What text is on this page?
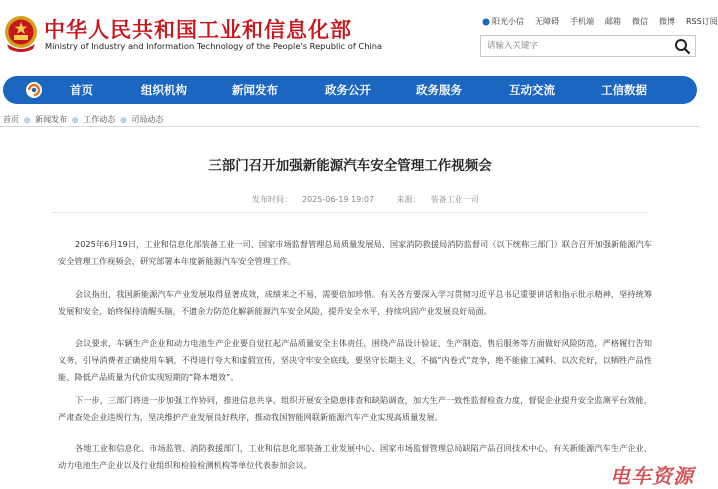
中华人民共和国工业和信息化部
Ministry of Industry and Information Technology of the People's Republic of China
阳光小信 无障碍 手机端 邮箱 微信 微博 RSS订阅
请输入关键字
首页	组织机构	新闻发布	政务公开	政务服务	互动交流	工信数据
首页 ◎ 新闻发布 ◎ 工作动态 ◎ 司局动态
三部门召开加强新能源汽车安全管理工作视频会
发布时间： 2025-06-19 19:07	来源： 装备工业一司

2025年6月19日，工业和信息化部装备工业一司、国家市场监督管理总局质量发展局、国家消防救援局消防监督司（以下统称三部门）联合召开加强新能源汽车安全管理工作视频会，研究部署本年度新能源汽车安全管理工作。

会议指出，我国新能源汽车产业发展取得显著成效，成绩来之不易，需要倍加珍惜。有关各方要深入学习贯彻习近平总书记重要讲话和指示批示精神，坚持统筹发展和安全，始终保持清醒头脑，不遗余力防范化解新能源汽车安全风险，提升安全水平，持续巩固产业发展良好局面。

会议要求，车辆生产企业和动力电池生产企业要自觉扛起产品质量安全主体责任，围绕产品设计验证、生产制造、售后服务等方面做好风险防范，严格履行告知义务，引导消费者正确使用车辆，不得进行夸大和虚假宣传，坚决守牢安全底线，要坚守长期主义，不搞“内卷式”竞争，绝不能偷工减料、以次充好，以牺牲产品性能、降低产品质量为代价实现短期的“降本增效”。

下一步，三部门将进一步加强工作协同，推进信息共享，组织开展安全隐患排查和缺陷调查，加大生产一致性监督检查力度，督促企业提升安全监测平台效能，严肃查处企业违规行为，坚决维护产业发展良好秩序，推动我国智能网联新能源汽车产业实现高质量发展。

各地工业和信息化、市场监管、消防救援部门，工业和信息化部装备工业发展中心、国家市场监督管理总局缺陷产品召回技术中心，有关新能源汽车生产企业、动力电池生产企业以及行业组织和检验检测机构等单位代表参加会议。	电车资源
